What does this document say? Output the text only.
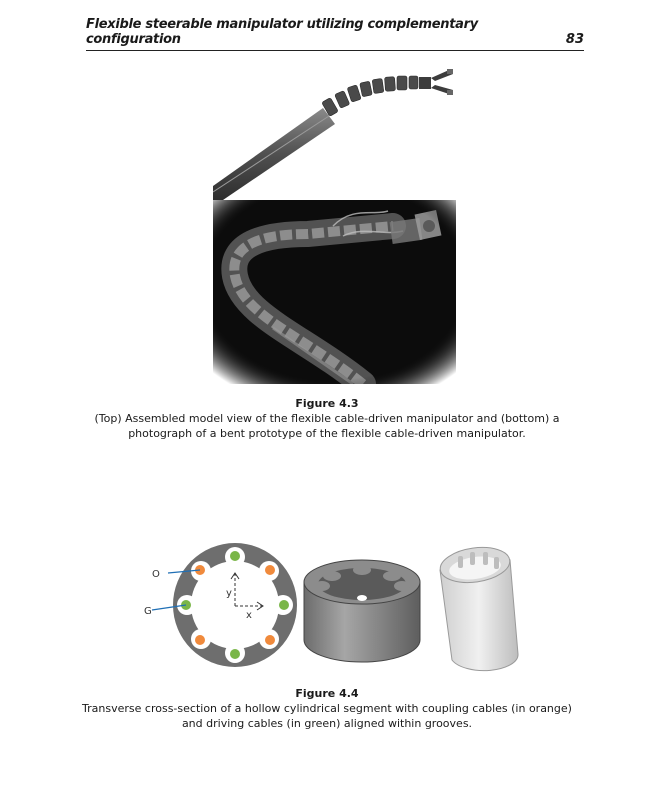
Flexible steerable manipulator utilizing complementary configuration	83
Figure 4.3
(Top) Assembled model view of the flexible cable-driven manipulator and (bottom) a photograph of a bent prototype of the flexible cable-driven manipulator.
y
x
O
G
Figure 4.4
Transverse cross-section of a hollow cylindrical segment with coupling cables (in orange) and driving cables (in green) aligned within grooves.
